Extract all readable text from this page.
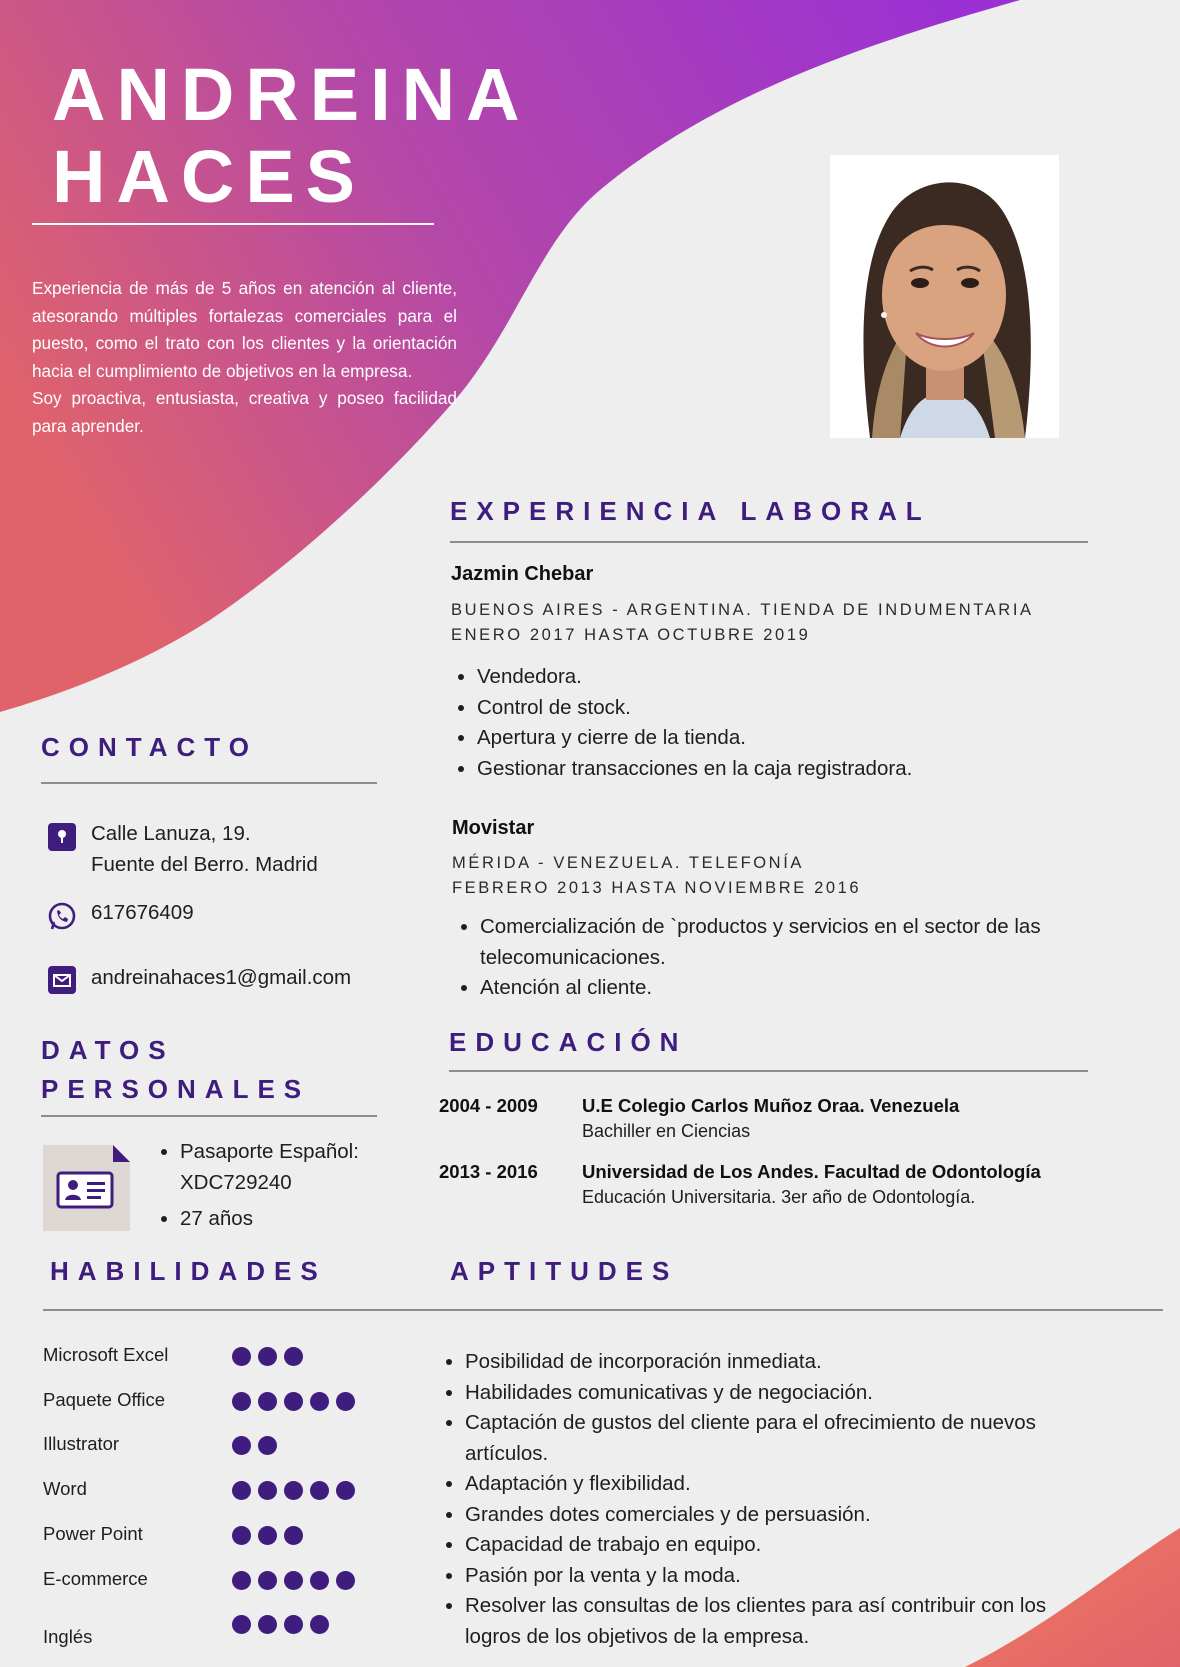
ANDREINA
HACES

Experiencia de más de 5 años en atención al cliente, atesorando múltiples fortalezas comerciales para el puesto, como el trato con los clientes y la orientación hacia el cumplimiento de objetivos en la empresa.

Soy proactiva, entusiasta, creativa y poseo facilidad para aprender.

EXPERIENCIA LABORAL
Jazmin Chebar
BUENOS AIRES - ARGENTINA. TIENDA DE INDUMENTARIA
ENERO 2017 HASTA OCTUBRE 2019
• Vendedora.
• Control de stock.
• Apertura y cierre de la tienda.
• Gestionar transacciones en la caja registradora.
Movistar
MÉRIDA - VENEZUELA. TELEFONÍA
FEBRERO 2013 HASTA NOVIEMBRE 2016
• Comercialización de `productos y servicios en el sector de las telecomunicaciones.
• Atención al cliente.
CONTACTO
Calle Lanuza, 19.
Fuente del Berro. Madrid
617676409
andreinahaces1@gmail.com
DATOS
PERSONALES
• Pasaporte Español: XDC729240
• 27 años
EDUCACIÓN
2004 - 2009 U.E Colegio Carlos Muñoz Oraa. Venezuela
Bachiller en Ciencias
2013 - 2016 Universidad de Los Andes. Facultad de Odontología
Educación Universitaria. 3er año de Odontología.
HABILIDADES	APTITUDES
Microsoft Excel
Paquete Office
Illustrator
Word
Power Point
E-commerce
Inglés
• Posibilidad de incorporación inmediata.
• Habilidades comunicativas y de negociación.
• Captación de gustos del cliente para el ofrecimiento de nuevos artículos.
• Adaptación y flexibilidad.
• Grandes dotes comerciales y de persuasión.
• Capacidad de trabajo en equipo.
• Pasión por la venta y la moda.
• Resolver las consultas de los clientes para así contribuir con los logros de los objetivos de la empresa.
